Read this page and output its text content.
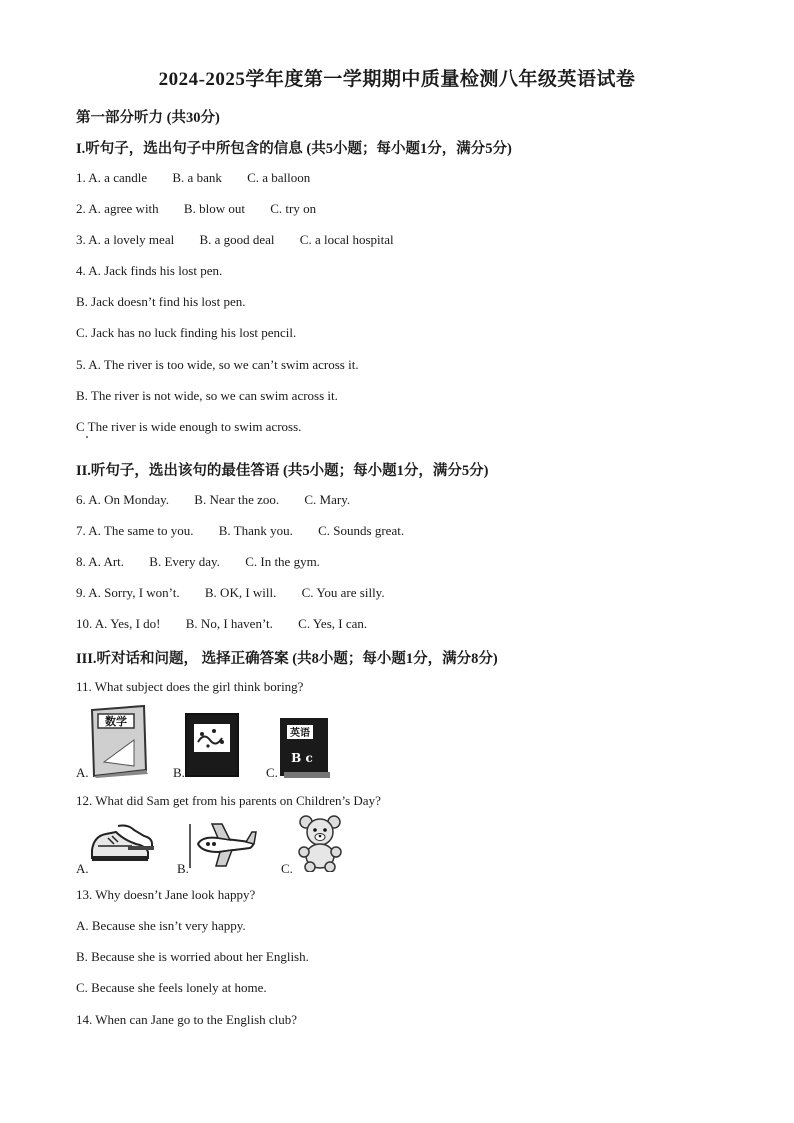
2024-2025学年度第一学期期中质量检测八年级英语试卷
第一部分听力 (共30分)
I.听句子，选出句子中所包含的信息 (共5小题；每小题1分，满分5分)
1. A. a candle B. a bank C. a balloon
2. A. agree with B. blow out C. try on
3. A. a lovely meal B. a good deal C. a local hospital
4. A. Jack finds his lost pen.
B. Jack doesn’t find his lost pen.
C. Jack has no luck finding his lost pencil.
5. A. The river is too wide, so we can’t swim across it.
B. The river is not wide, so we can swim across it.
C The river is wide enough to swim across.
II.听句子，选出该句的最佳答语 (共5小题；每小题1分，满分5分)
6. A. On Monday. B. Near the zoo. C. Mary.
7. A. The same to you. B. Thank you. C. Sounds great.
8. A. Art. B. Every day. C. In the gym.
9. A. Sorry, I won’t. B. OK, I will. C. You are silly.
10. A. Yes, I do! B. No, I haven’t. C. Yes, I can.
III.听对话和问题， 选择正确答案 (共8小题；每小题1分，满分8分)
11. What subject does the girl think boring?
A.
数学
B.	C.
英语
B c
12. What did Sam get from his parents on Children’s Day?
A.	B.	C.
13. Why doesn’t Jane look happy?
A. Because she isn’t very happy.
B. Because she is worried about her English.
C. Because she feels lonely at home.
14. When can Jane go to the English club?
